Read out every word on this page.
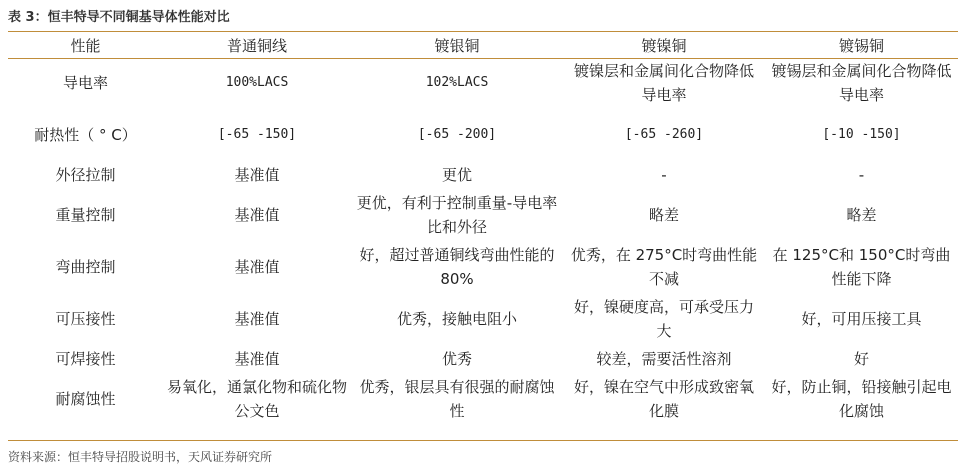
表 3：恒丰特导不同铜基导体性能对比
性能	普通铜线	镀银铜	镀镍铜	镀锡铜
导电率	100%LACS	102%LACS	镀镍层和金属间化合物降低导电率	镀锡层和金属间化合物降低导电率
耐热性（ ° C）	[-65 -150]	[-65 -200]	[-65 -260]	[-10 -150]
外径拉制	基准值	更优	-	-
重量控制	基准值	更优，有利于控制重量-导电率比和外径	略差	略差
弯曲控制	基准值	好，超过普通铜线弯曲性能的 80%	优秀，在 275°C时弯曲性能不减	在 125°C和 150°C时弯曲性能下降
可压接性	基准值	优秀，接触电阻小	好，镍硬度高，可承受压力大	好，可用压接工具
可焊接性	基准值	优秀	较差，需要活性溶剂	好
耐腐蚀性	易氧化，通氯化物和硫化物公文色	优秀，银层具有很强的耐腐蚀性	好，镍在空气中形成致密氧化膜	好，防止铜，铅接触引起电化腐蚀
资料来源：恒丰特导招股说明书，天风证券研究所
